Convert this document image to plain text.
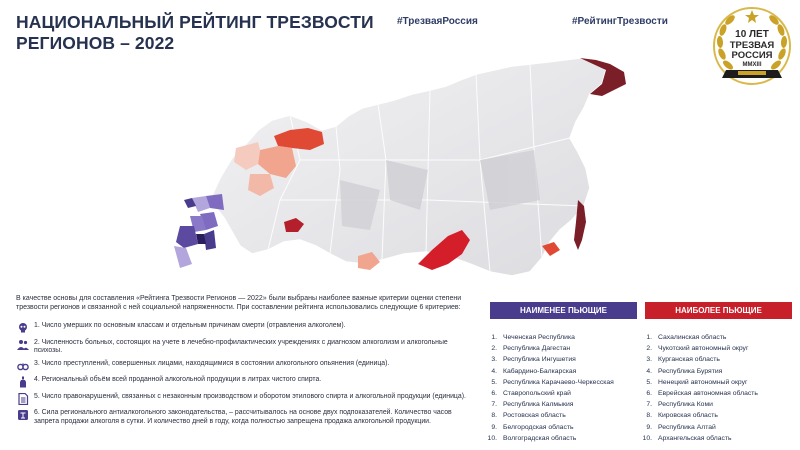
НАЦИОНАЛЬНЫЙ РЕЙТИНГ ТРЕЗВОСТИ
РЕГИОНОВ – 2022
#ТрезваяРоссия	#РейтингТрезвости
10 ЛЕТ
ТРЕЗВАЯ
РОССИЯ
MMXIII
В качестве основы для составления «Рейтинга Трезвости Регионов — 2022» были выбраны наиболее важные критерии оценки степени трезвости регионов и связанной с ней социальной напряженности. При составлении рейтинга использовались следующие 6 критериев:
1. Число умерших по основным классам и отдельным причинам смерти (отравления алкоголем).
2. Численность больных, состоящих на учете в лечебно-профилактических учреждениях с диагнозом алкоголизм и алкогольные психозы.
3. Число преступлений, совершенных лицами, находящимися в состоянии алкогольного опьянения (единица).
4. Региональный объём всей проданной алкогольной продукции в литрах чистого спирта.
5. Число правонарушений, связанных с незаконным производством и оборотом этилового спирта и алкогольной продукции (единица).
6. Сила регионального антиалкогольного законодательства, – рассчитывалось на основе двух подпоказателей. Количество часов запрета продажи алкоголя в сутки. И количество дней в году, когда полностью запрещена продажа алкогольной продукции.
НАИМЕНЕЕ ПЬЮЩИЕ	НАИБОЛЕЕ ПЬЮЩИЕ
1. Чеченская Республика
2. Республика Дагестан
3. Республика Ингушетия
4. Кабардино-Балкарская
5. Республика Карачаево-Черкесская
6. Ставропольский край
7. Республика Калмыкия
8. Ростовская область
9. Белгородская область
10. Волгоградская область
1. Сахалинская область
2. Чукотский автономный округ
3. Курганская область
4. Республика Бурятия
5. Ненецкий автономный округ
6. Еврейская автономная область
7. Республика Коми
8. Кировская область
9. Республика Алтай
10. Архангельская область
